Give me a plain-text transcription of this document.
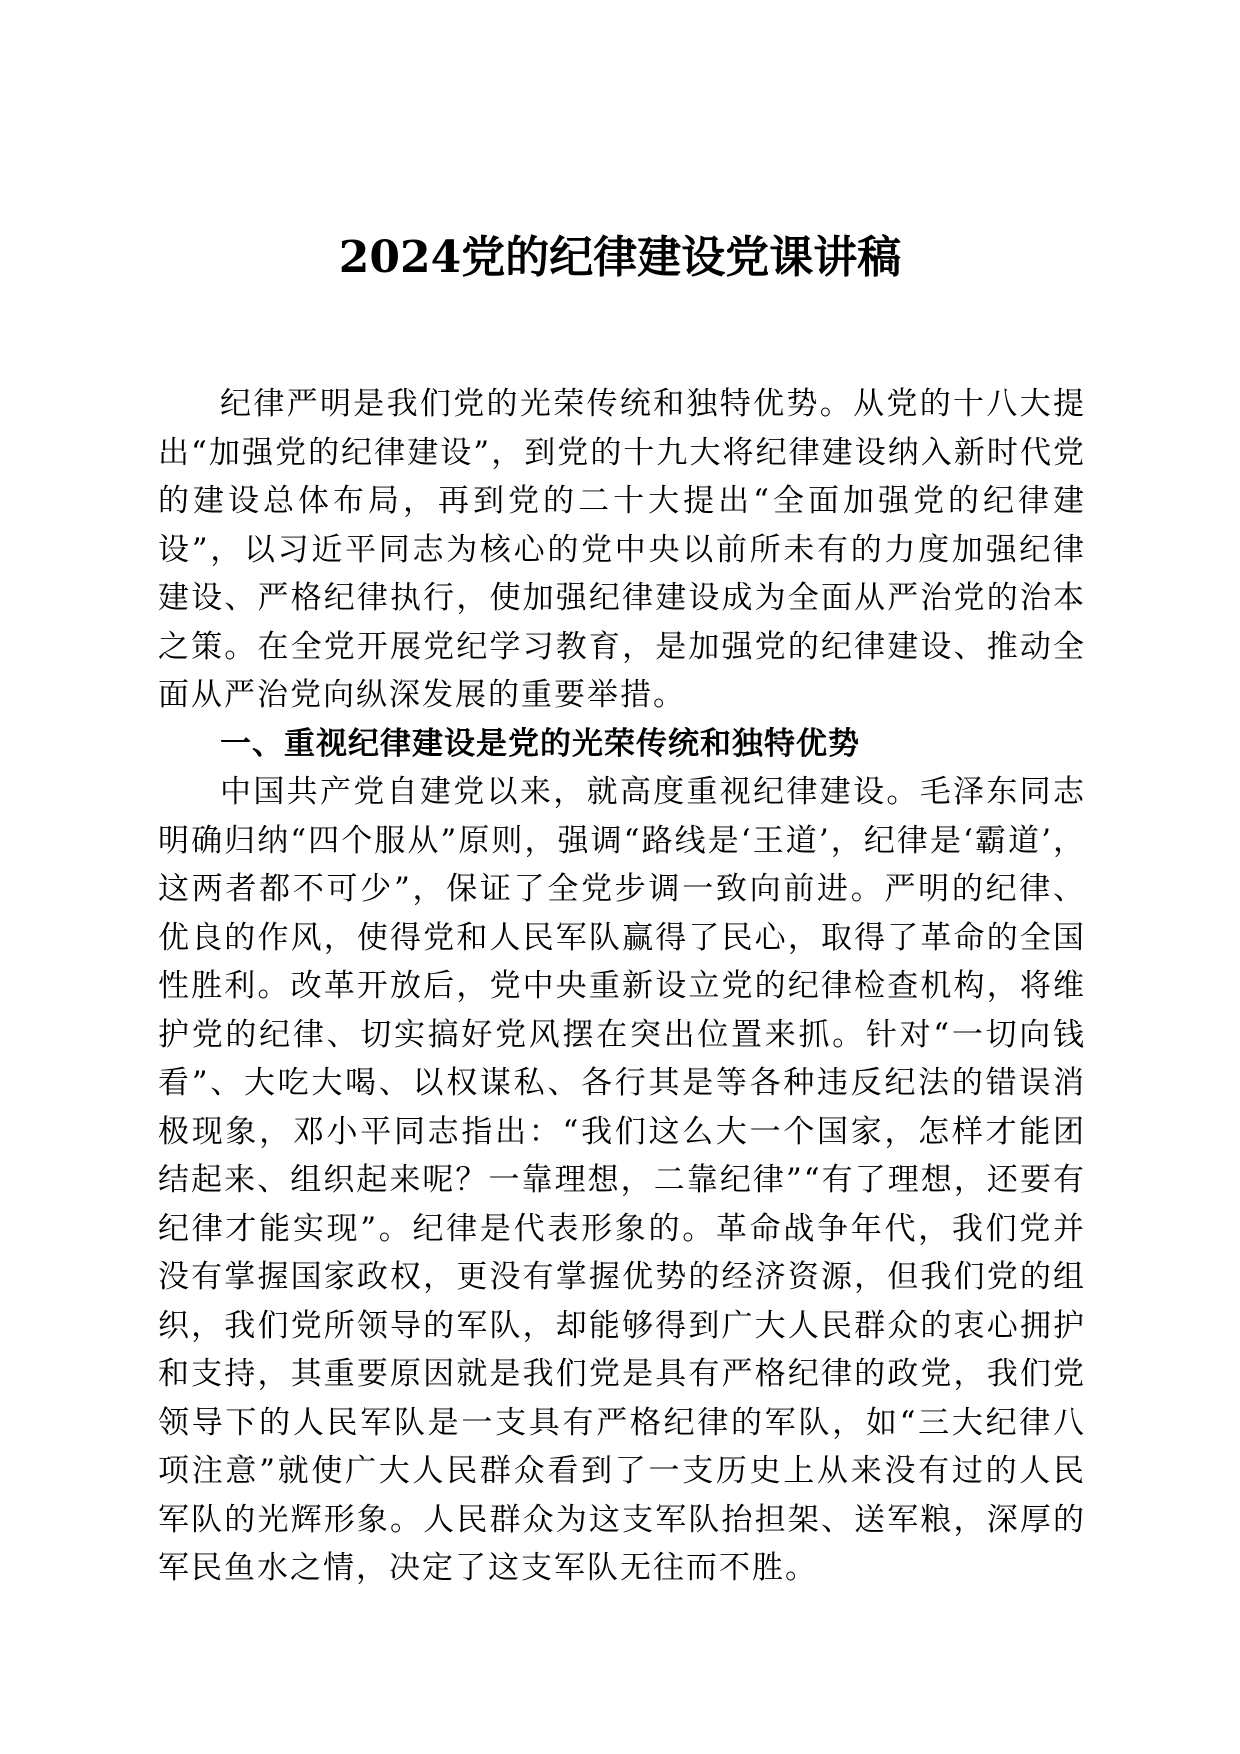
2024党的纪律建设党课讲稿

纪律严明是我们党的光荣传统和独特优势。从党的十八大提出“加强党的纪律建设”，到党的十九大将纪律建设纳入新时代党的建设总体布局，再到党的二十大提出“全面加强党的纪律建设”，以习近平同志为核心的党中央以前所未有的力度加强纪律建设、严格纪律执行，使加强纪律建设成为全面从严治党的治本之策。在全党开展党纪学习教育，是加强党的纪律建设、推动全面从严治党向纵深发展的重要举措。

一、重视纪律建设是党的光荣传统和独特优势

中国共产党自建党以来，就高度重视纪律建设。毛泽东同志明确归纳“四个服从”原则，强调“路线是‘王道’，纪律是‘霸道’，这两者都不可少”，保证了全党步调一致向前进。严明的纪律、优良的作风，使得党和人民军队赢得了民心，取得了革命的全国性胜利。改革开放后，党中央重新设立党的纪律检查机构，将维护党的纪律、切实搞好党风摆在突出位置来抓。针对“一切向钱看”、大吃大喝、以权谋私、各行其是等各种违反纪法的错误消极现象，邓小平同志指出：“我们这么大一个国家，怎样才能团结起来、组织起来呢？一靠理想，二靠纪律”“有了理想，还要有纪律才能实现”。纪律是代表形象的。革命战争年代，我们党并没有掌握国家政权，更没有掌握优势的经济资源，但我们党的组织，我们党所领导的军队，却能够得到广大人民群众的衷心拥护和支持，其重要原因就是我们党是具有严格纪律的政党，我们党领导下的人民军队是一支具有严格纪律的军队，如“三大纪律八项注意”就使广大人民群众看到了一支历史上从来没有过的人民军队的光辉形象。人民群众为这支军队抬担架、送军粮，深厚的军民鱼水之情，决定了这支军队无往而不胜。
